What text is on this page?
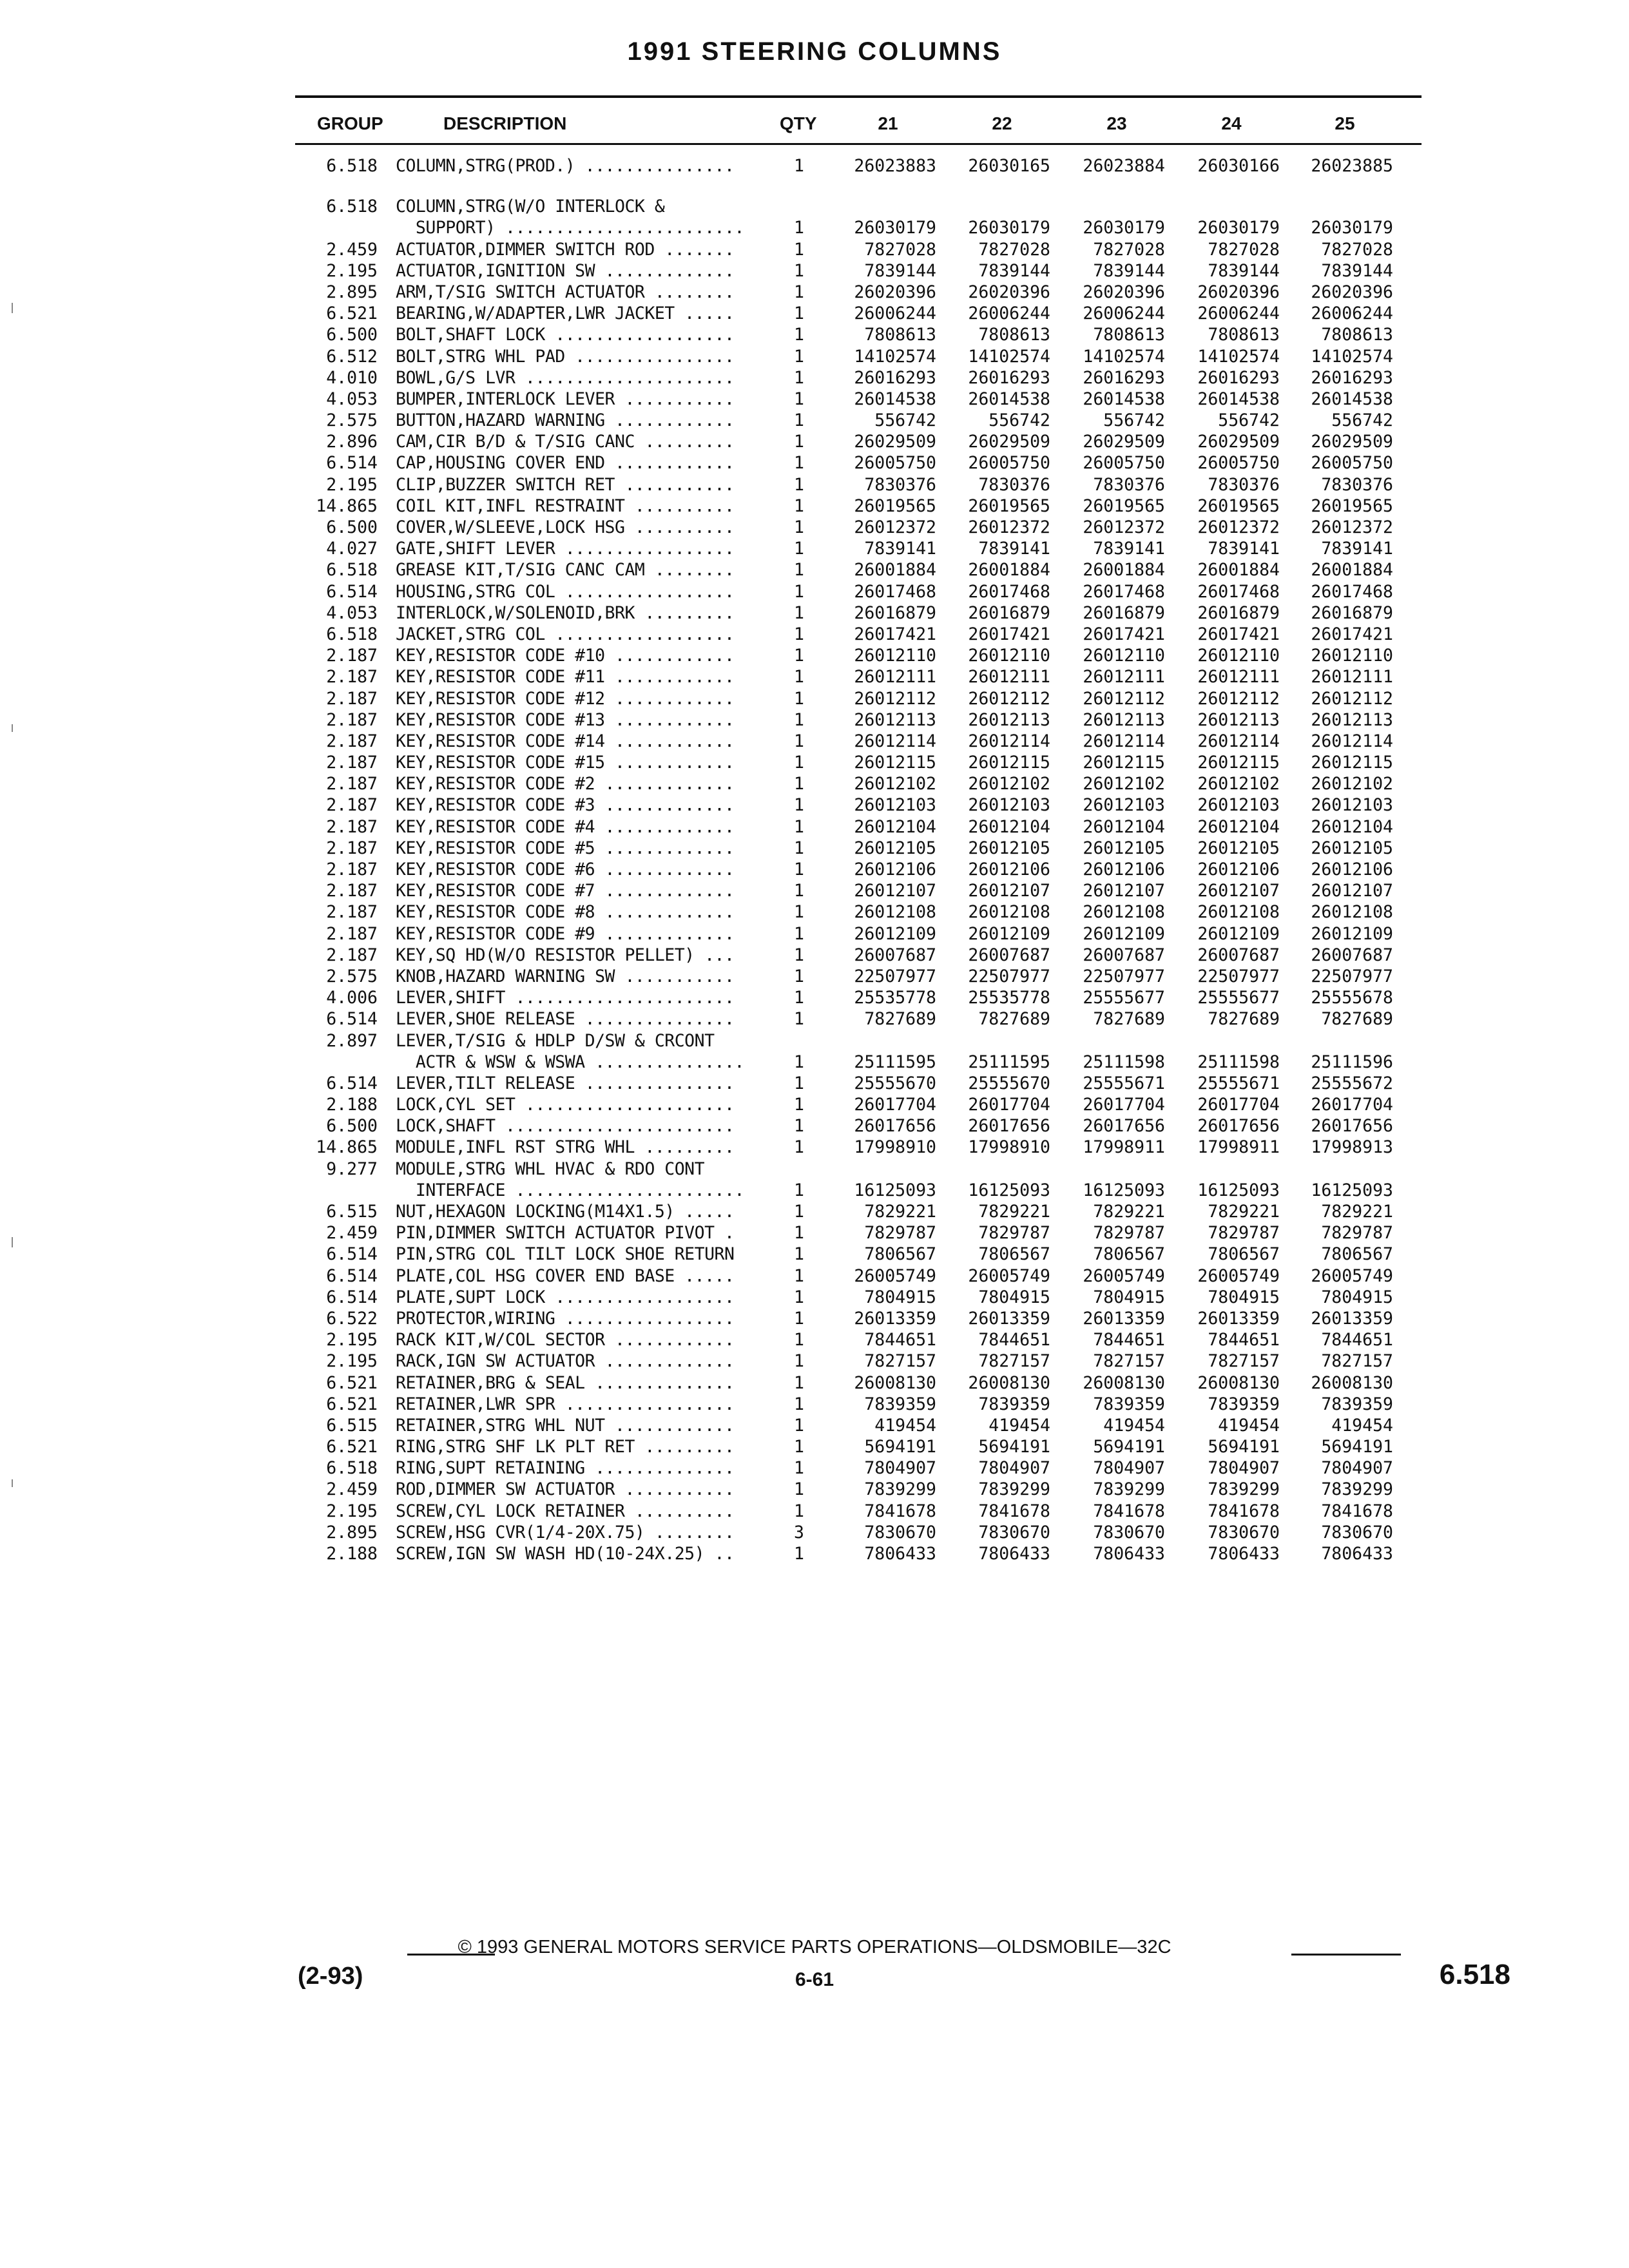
1991 STEERING COLUMNS
GROUP	DESCRIPTION	QTY	21	22	23	24	25
6.518 COLUMN,STRG(PROD.) ...............	1	26023883	26030165	26023884	26030166	26023885
6.518 COLUMN,STRG(W/O INTERLOCK &
SUPPORT) ........................	1	26030179	26030179	26030179	26030179	26030179
2.459 ACTUATOR,DIMMER SWITCH ROD .......	1	7827028	7827028	7827028	7827028	7827028
2.195 ACTUATOR,IGNITION SW .............	1	7839144	7839144	7839144	7839144	7839144
2.895 ARM,T/SIG SWITCH ACTUATOR ........	1	26020396	26020396	26020396	26020396	26020396
6.521 BEARING,W/ADAPTER,LWR JACKET .....	1	26006244	26006244	26006244	26006244	26006244
6.500 BOLT,SHAFT LOCK ..................	1	7808613	7808613	7808613	7808613	7808613
6.512 BOLT,STRG WHL PAD ................	1	14102574	14102574	14102574	14102574	14102574
4.010 BOWL,G/S LVR .....................	1	26016293	26016293	26016293	26016293	26016293
4.053 BUMPER,INTERLOCK LEVER ...........	1	26014538	26014538	26014538	26014538	26014538
2.575 BUTTON,HAZARD WARNING ............	1	556742	556742	556742	556742	556742
2.896 CAM,CIR B/D & T/SIG CANC .........	1	26029509	26029509	26029509	26029509	26029509
6.514 CAP,HOUSING COVER END ............	1	26005750	26005750	26005750	26005750	26005750
2.195 CLIP,BUZZER SWITCH RET ...........	1	7830376	7830376	7830376	7830376	7830376
14.865 COIL KIT,INFL RESTRAINT ..........	1	26019565	26019565	26019565	26019565	26019565
6.500 COVER,W/SLEEVE,LOCK HSG ..........	1	26012372	26012372	26012372	26012372	26012372
4.027 GATE,SHIFT LEVER .................	1	7839141	7839141	7839141	7839141	7839141
6.518 GREASE KIT,T/SIG CANC CAM ........	1	26001884	26001884	26001884	26001884	26001884
6.514 HOUSING,STRG COL .................	1	26017468	26017468	26017468	26017468	26017468
4.053 INTERLOCK,W/SOLENOID,BRK .........	1	26016879	26016879	26016879	26016879	26016879
6.518 JACKET,STRG COL ..................	1	26017421	26017421	26017421	26017421	26017421
2.187 KEY,RESISTOR CODE #10 ............	1	26012110	26012110	26012110	26012110	26012110
2.187 KEY,RESISTOR CODE #11 ............	1	26012111	26012111	26012111	26012111	26012111
2.187 KEY,RESISTOR CODE #12 ............	1	26012112	26012112	26012112	26012112	26012112
2.187 KEY,RESISTOR CODE #13 ............	1	26012113	26012113	26012113	26012113	26012113
2.187 KEY,RESISTOR CODE #14 ............	1	26012114	26012114	26012114	26012114	26012114
2.187 KEY,RESISTOR CODE #15 ............	1	26012115	26012115	26012115	26012115	26012115
2.187 KEY,RESISTOR CODE #2 .............	1	26012102	26012102	26012102	26012102	26012102
2.187 KEY,RESISTOR CODE #3 .............	1	26012103	26012103	26012103	26012103	26012103
2.187 KEY,RESISTOR CODE #4 .............	1	26012104	26012104	26012104	26012104	26012104
2.187 KEY,RESISTOR CODE #5 .............	1	26012105	26012105	26012105	26012105	26012105
2.187 KEY,RESISTOR CODE #6 .............	1	26012106	26012106	26012106	26012106	26012106
2.187 KEY,RESISTOR CODE #7 .............	1	26012107	26012107	26012107	26012107	26012107
2.187 KEY,RESISTOR CODE #8 .............	1	26012108	26012108	26012108	26012108	26012108
2.187 KEY,RESISTOR CODE #9 .............	1	26012109	26012109	26012109	26012109	26012109
2.187 KEY,SQ HD(W/O RESISTOR PELLET) ...	1	26007687	26007687	26007687	26007687	26007687
2.575 KNOB,HAZARD WARNING SW ...........	1	22507977	22507977	22507977	22507977	22507977
4.006 LEVER,SHIFT ......................	1	25535778	25535778	25555677	25555677	25555678
6.514 LEVER,SHOE RELEASE ...............	1	7827689	7827689	7827689	7827689	7827689
2.897 LEVER,T/SIG & HDLP D/SW & CRCONT
ACTR & WSW & WSWA ...............	1	25111595	25111595	25111598	25111598	25111596
6.514 LEVER,TILT RELEASE ...............	1	25555670	25555670	25555671	25555671	25555672
2.188 LOCK,CYL SET .....................	1	26017704	26017704	26017704	26017704	26017704
6.500 LOCK,SHAFT .......................	1	26017656	26017656	26017656	26017656	26017656
14.865 MODULE,INFL RST STRG WHL .........	1	17998910	17998910	17998911	17998911	17998913
9.277 MODULE,STRG WHL HVAC & RDO CONT
INTERFACE .......................	1	16125093	16125093	16125093	16125093	16125093
6.515 NUT,HEXAGON LOCKING(M14X1.5) .....	1	7829221	7829221	7829221	7829221	7829221
2.459 PIN,DIMMER SWITCH ACTUATOR PIVOT .	1	7829787	7829787	7829787	7829787	7829787
6.514 PIN,STRG COL TILT LOCK SHOE RETURN	1	7806567	7806567	7806567	7806567	7806567
6.514 PLATE,COL HSG COVER END BASE .....	1	26005749	26005749	26005749	26005749	26005749
6.514 PLATE,SUPT LOCK ..................	1	7804915	7804915	7804915	7804915	7804915
6.522 PROTECTOR,WIRING .................	1	26013359	26013359	26013359	26013359	26013359
2.195 RACK KIT,W/COL SECTOR ............	1	7844651	7844651	7844651	7844651	7844651
2.195 RACK,IGN SW ACTUATOR .............	1	7827157	7827157	7827157	7827157	7827157
6.521 RETAINER,BRG & SEAL ..............	1	26008130	26008130	26008130	26008130	26008130
6.521 RETAINER,LWR SPR .................	1	7839359	7839359	7839359	7839359	7839359
6.515 RETAINER,STRG WHL NUT ............	1	419454	419454	419454	419454	419454
6.521 RING,STRG SHF LK PLT RET .........	1	5694191	5694191	5694191	5694191	5694191
6.518 RING,SUPT RETAINING ..............	1	7804907	7804907	7804907	7804907	7804907
2.459 ROD,DIMMER SW ACTUATOR ...........	1	7839299	7839299	7839299	7839299	7839299
2.195 SCREW,CYL LOCK RETAINER ..........	1	7841678	7841678	7841678	7841678	7841678
2.895 SCREW,HSG CVR(1/4-20X.75) ........	3	7830670	7830670	7830670	7830670	7830670
2.188 SCREW,IGN SW WASH HD(10-24X.25) ..	1	7806433	7806433	7806433	7806433	7806433
© 1993 GENERAL MOTORS SERVICE PARTS OPERATIONS—OLDSMOBILE—32C
(2-93)	6-61	6.518
